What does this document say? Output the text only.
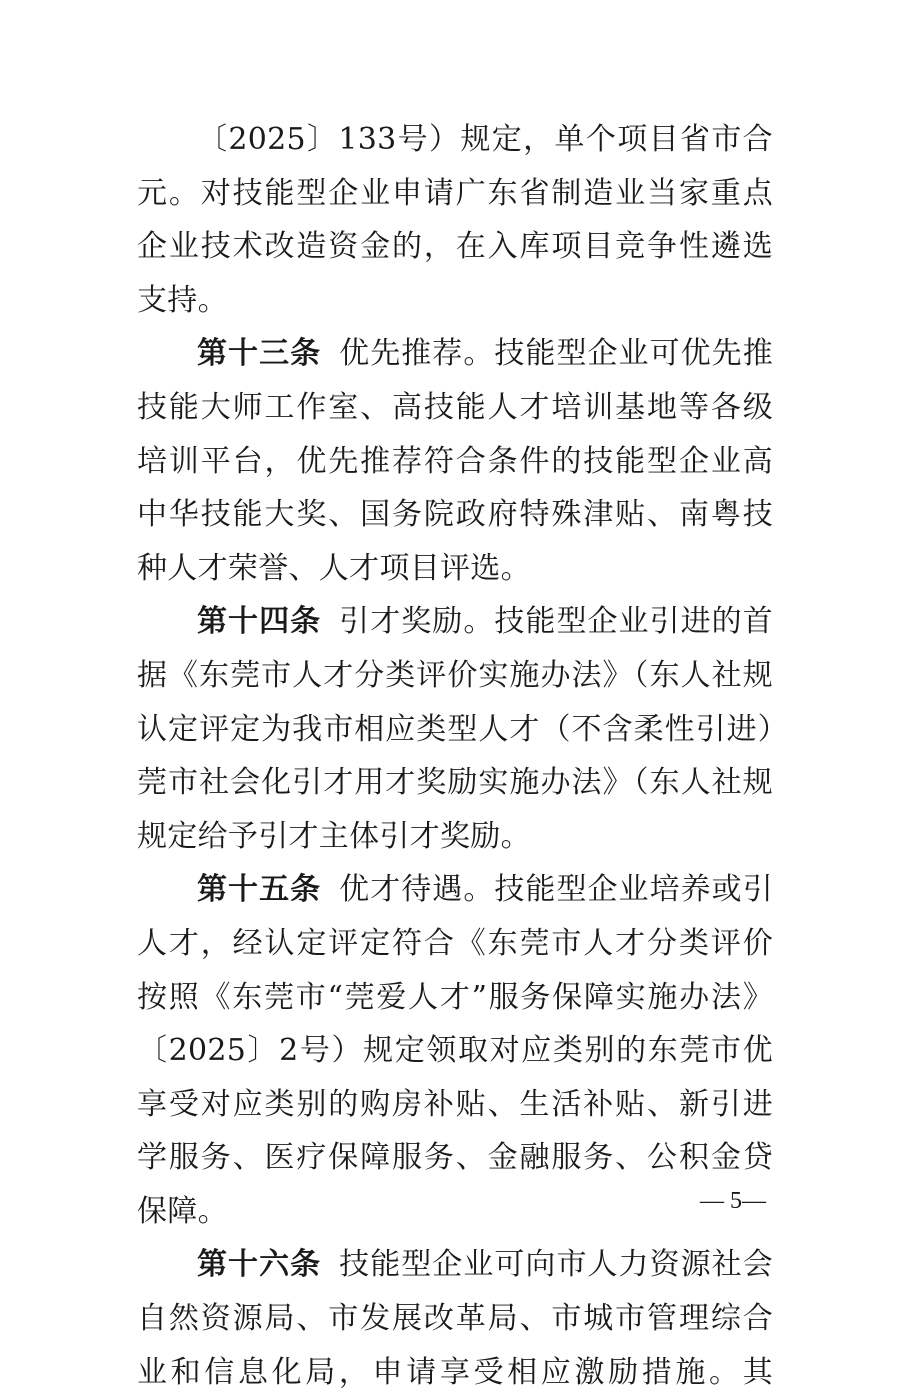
〔2025〕133号）规定，单个项目省市合
元。对技能型企业申请广东省制造业当家重点
企业技术改造资金的，在入库项目竞争性遴选
支持。
第十三条 优先推荐。技能型企业可优先推
技能大师工作室、高技能人才培训基地等各级
培训平台，优先推荐符合条件的技能型企业高
中华技能大奖、国务院政府特殊津贴、南粤技
种人才荣誉、人才项目评选。
第十四条 引才奖励。技能型企业引进的首
据《东莞市人才分类评价实施办法》（东人社规
认定评定为我市相应类型人才（不含柔性引进）
莞市社会化引才用才奖励实施办法》（东人社规
规定给予引才主体引才奖励。
第十五条 优才待遇。技能型企业培养或引
人才，经认定评定符合《东莞市人才分类评价
按照《东莞市“莞爱人才”服务保障实施办法》
〔2025〕2号）规定领取对应类别的东莞市优
享受对应类别的购房补贴、生活补贴、新引进
学服务、医疗保障服务、金融服务、公积金贷
保障。
第十六条 技能型企业可向市人力资源社会
自然资源局、市发展改革局、市城市管理综合
业和信息化局，申请享受相应激励措施。其
— 5—
